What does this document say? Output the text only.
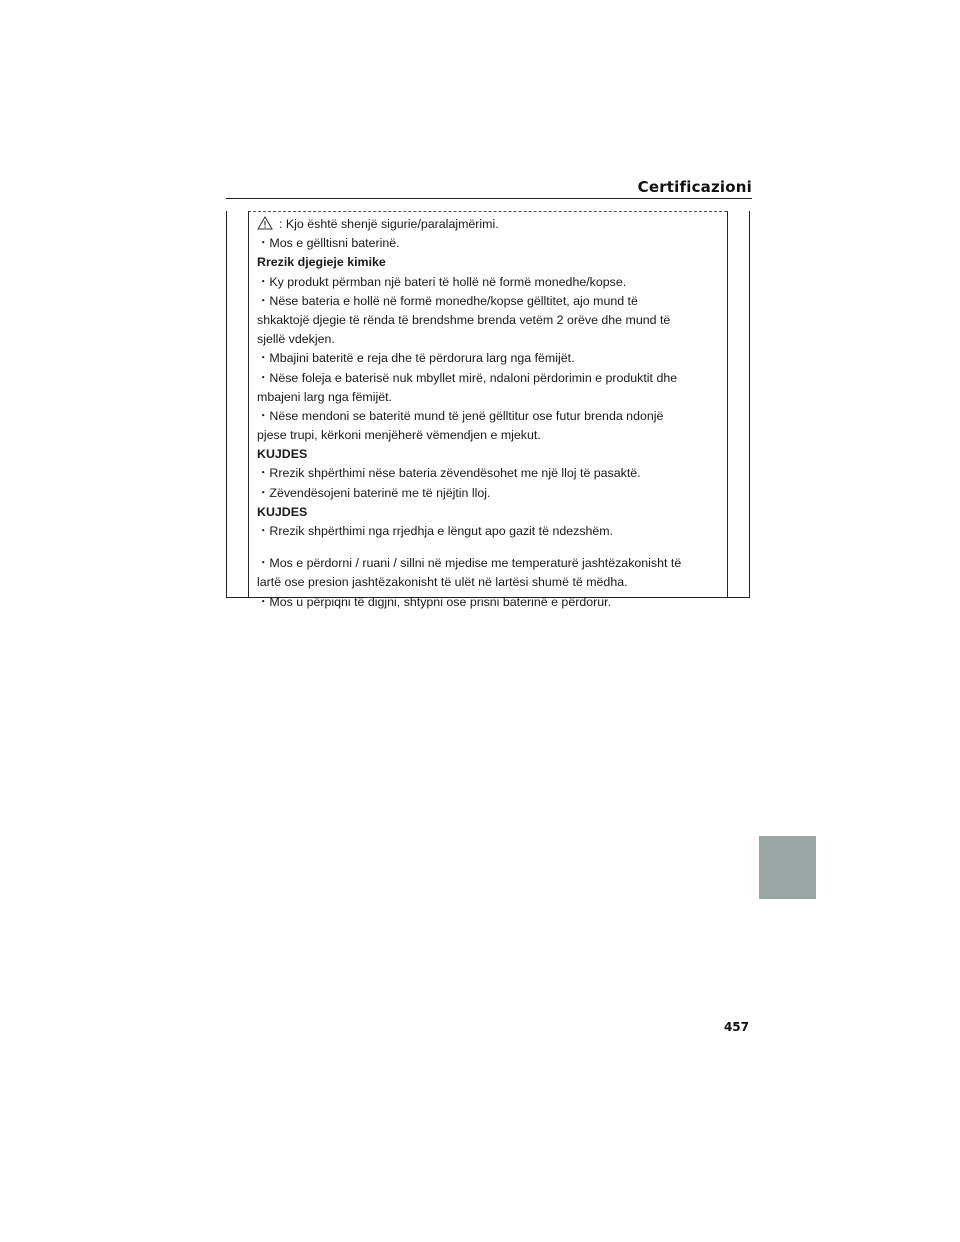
Certificazioni
: Kjo është shenjë sigurie/paralajmërimi.
・Mos e gëlltisni baterinë.
Rrezik djegieje kimike
・Ky produkt përmban një bateri të hollë në formë monedhe/kopse.
・Nëse bateria e hollë në formë monedhe/kopse gëlltitet, ajo mund të
shkaktojë djegie të rënda të brendshme brenda vetëm 2 orëve dhe mund të
sjellë vdekjen.
・Mbajini bateritë e reja dhe të përdorura larg nga fëmijët.
・Nëse foleja e baterisë nuk mbyllet mirë, ndaloni përdorimin e produktit dhe
mbajeni larg nga fëmijët.
・Nëse mendoni se bateritë mund të jenë gëlltitur ose futur brenda ndonjë
pjese trupi, kërkoni menjëherë vëmendjen e mjekut.
KUJDES
・Rrezik shpërthimi nëse bateria zëvendësohet me një lloj të pasaktë.
・Zëvendësojeni baterinë me të njëjtin lloj.
KUJDES
・Rrezik shpërthimi nga rrjedhja e lëngut apo gazit të ndezshëm.
・Mos e përdorni / ruani / sillni në mjedise me temperaturë jashtëzakonisht të
lartë ose presion jashtëzakonisht të ulët në lartësi shumë të mëdha.
・Mos u përpiqni të digjni, shtypni ose prisni baterinë e përdorur.
457
